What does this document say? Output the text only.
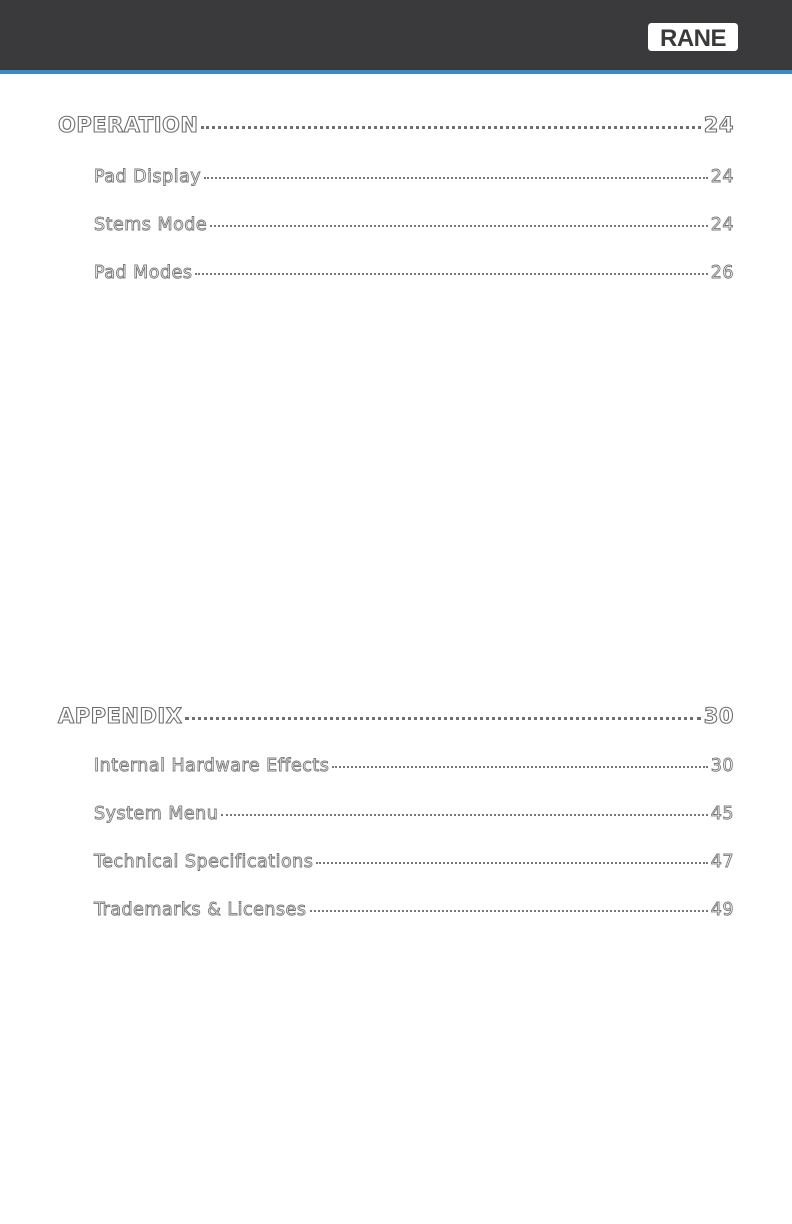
RANE
OPERATION	24
Pad Display	24
Stems Mode	24
Pad Modes	26
APPENDIX	30
Internal Hardware Effects	30
System Menu	45
Technical Specifications	47
Trademarks & Licenses	49
